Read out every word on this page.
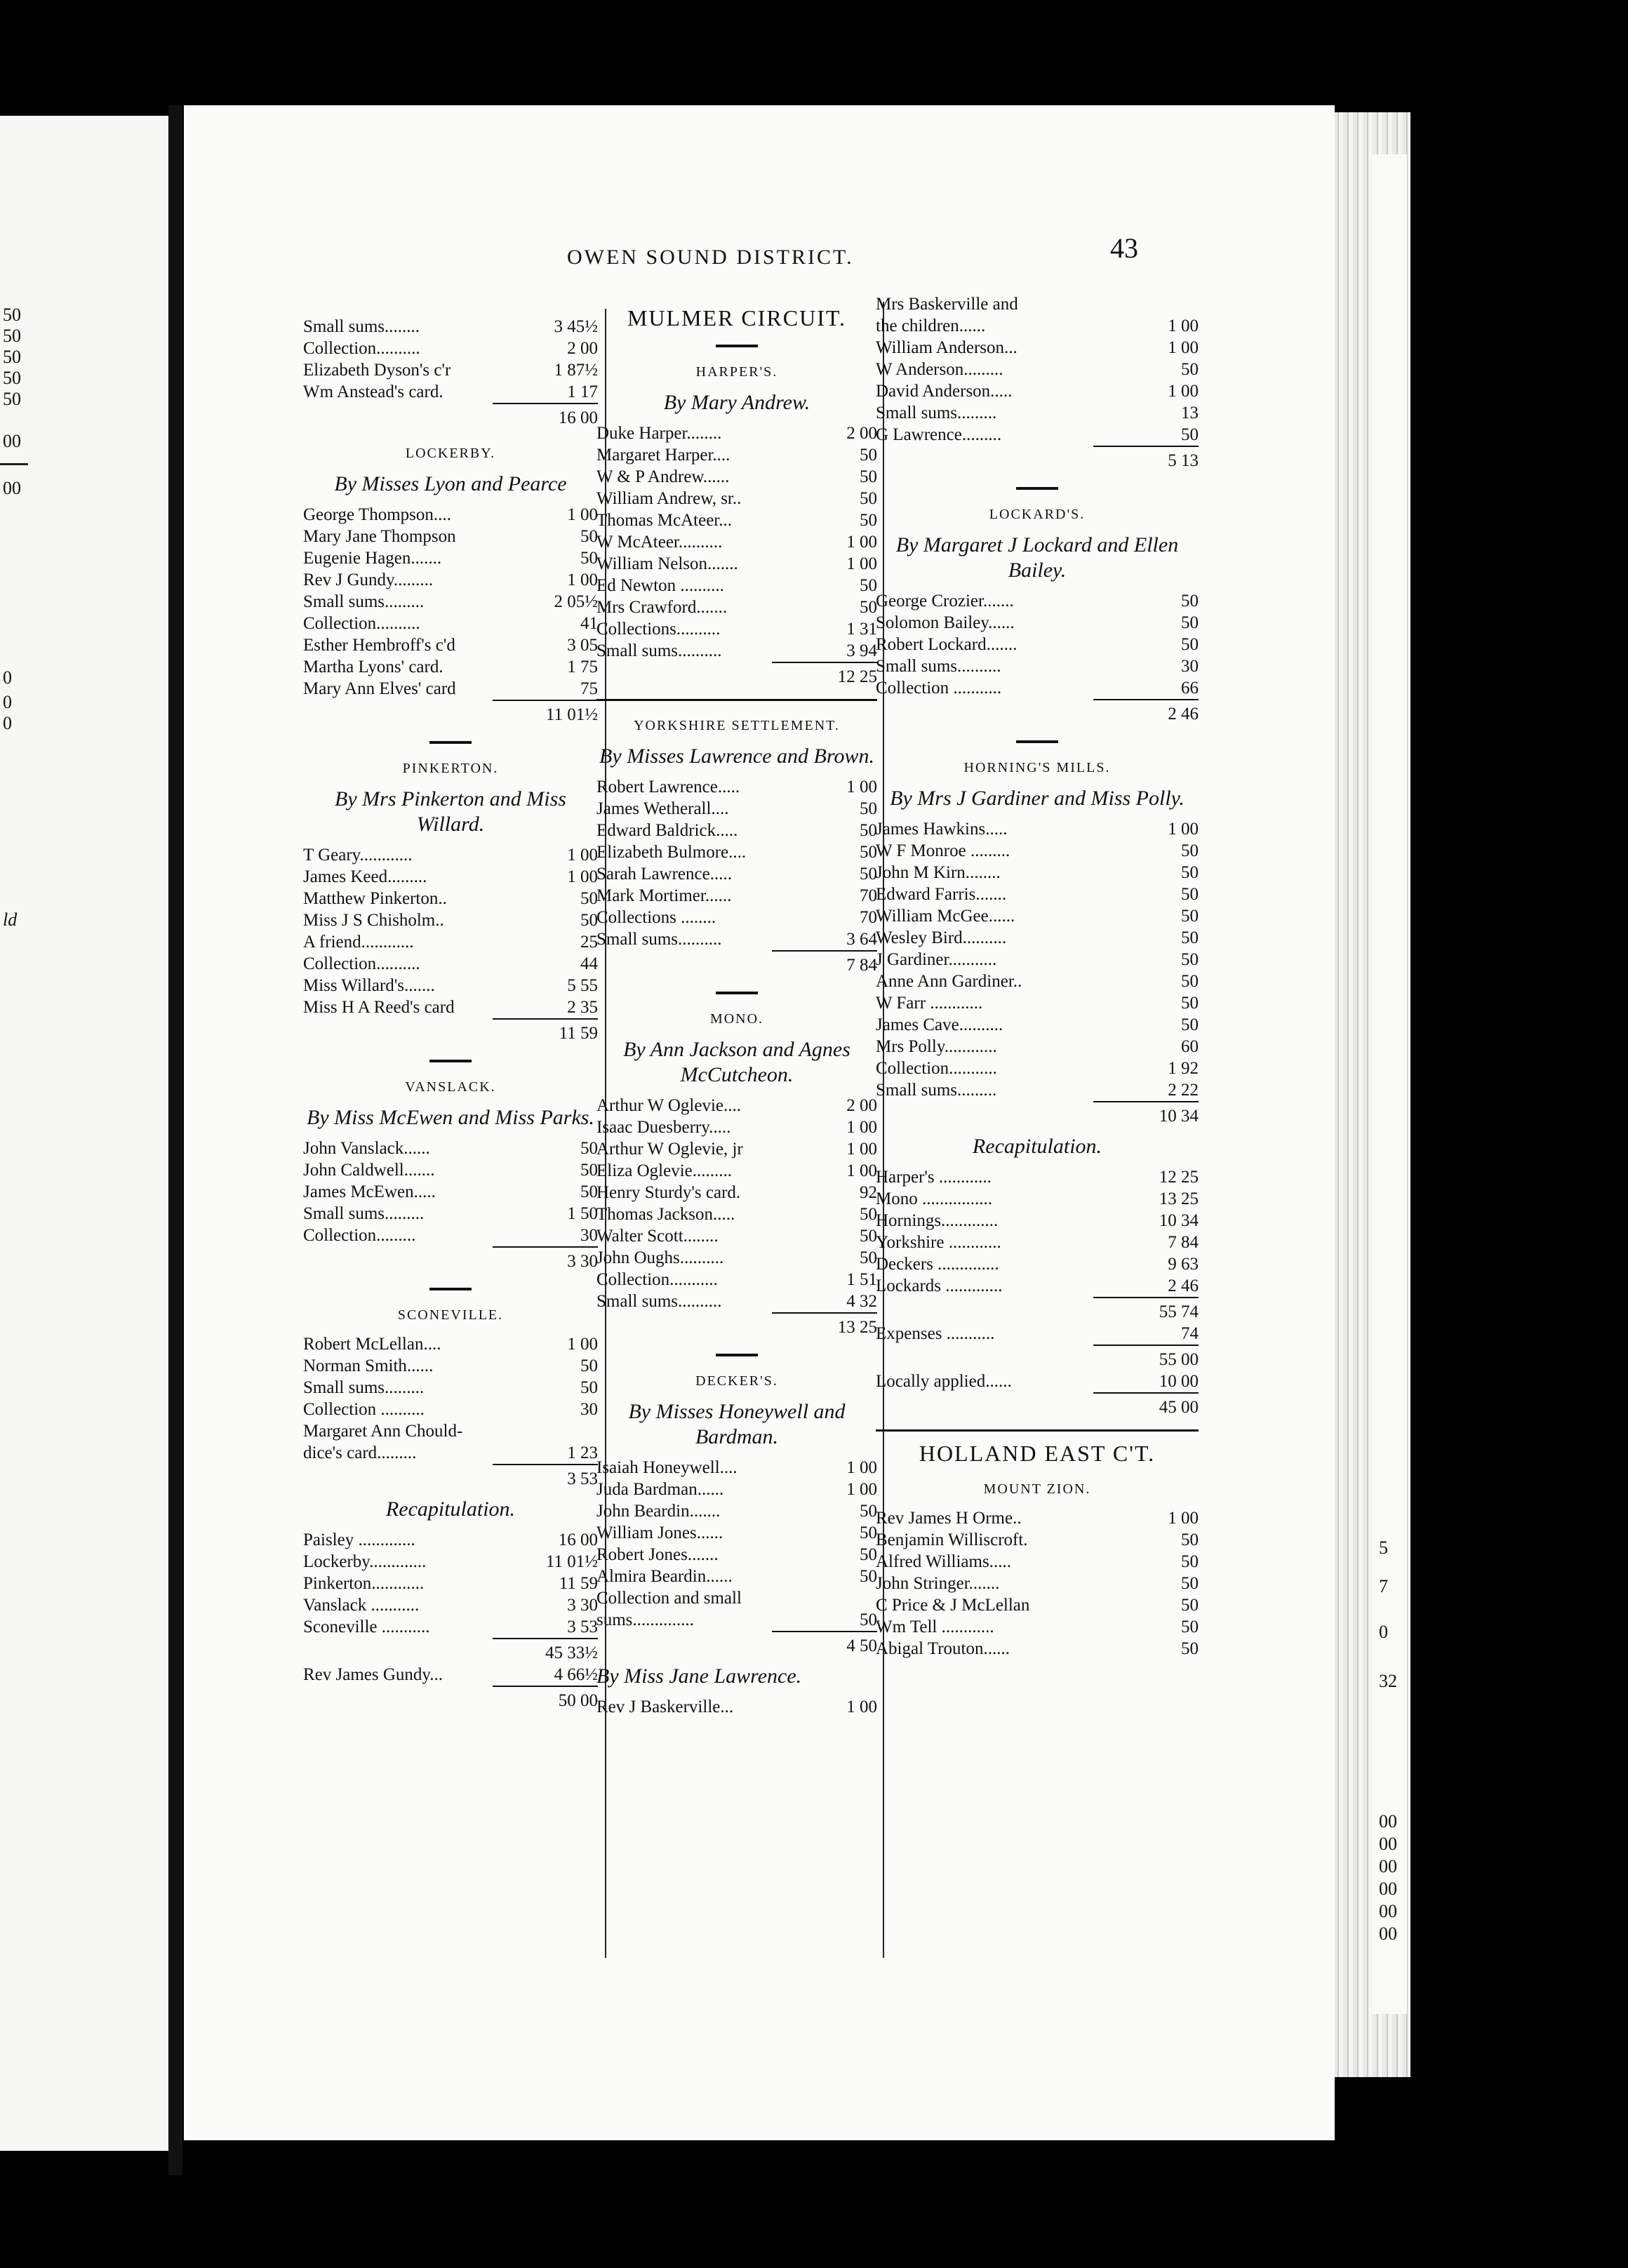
50
50
50
50
50
00
00
0
0
0
ld
5
7
0
32
00
00
00
00
00
00
OWEN SOUND DISTRICT.	43
Small sums........	3 45½
Collection..........	2 00
Elizabeth Dyson's c'r	1 87½
Wm Anstead's card.	1 17
16 00
LOCKERBY.
By Misses Lyon and Pearce
George Thompson....	1 00
Mary Jane Thompson	50
Eugenie Hagen.......	50
Rev J Gundy.........	1 00
Small sums.........	2 05½
Collection..........	41
Esther Hembroff's c'd	3 05
Martha Lyons' card.	1 75
Mary Ann Elves' card	75
11 01½
PINKERTON.
By Mrs Pinkerton and Miss Willard.
T Geary............	1 00
James Keed.........	1 00
Matthew Pinkerton..	50
Miss J S Chisholm..	50
A friend............	25
Collection..........	44
Miss Willard's.......	5 55
Miss H A Reed's card	2 35
11 59
VANSLACK.
By Miss McEwen and Miss Parks.
John Vanslack......	50
John Caldwell.......	50
James McEwen.....	50
Small sums.........	1 50
Collection.........	30
3 30
SCONEVILLE.
Robert McLellan....	1 00
Norman Smith......	50
Small sums.........	50
Collection ..........	30
Margaret Ann Chould-
dice's card.........	1 23
3 53
Recapitulation.
Paisley .............	16 00
Lockerby.............	11 01½
Pinkerton............	11 59
Vanslack ...........	3 30
Sconeville ...........	3 53
45 33½
Rev James Gundy...	4 66½
50 00
MULMER CIRCUIT.
HARPER'S.
By Mary Andrew.
Duke Harper........	2 00
Margaret Harper....	50
W & P Andrew......	50
William Andrew, sr..	50
Thomas McAteer...	50
W McAteer..........	1 00
William Nelson.......	1 00
Ed Newton ..........	50
Mrs Crawford.......	50
Collections..........	1 31
Small sums..........	3 94
12 25
YORKSHIRE SETTLEMENT.
By Misses Lawrence and Brown.
Robert Lawrence.....	1 00
James Wetherall....	50
Edward Baldrick.....	50
Elizabeth Bulmore....	50
Sarah Lawrence.....	50
Mark Mortimer......	70
Collections ........	70
Small sums..........	3 64
7 84
MONO.
By Ann Jackson and Agnes McCutcheon.
Arthur W Oglevie....	2 00
Isaac Duesberry.....	1 00
Arthur W Oglevie, jr	1 00
Eliza Oglevie.........	1 00
Henry Sturdy's card.	92
Thomas Jackson.....	50
Walter Scott........	50
John Oughs..........	50
Collection...........	1 51
Small sums..........	4 32
13 25
DECKER'S.
By Misses Honeywell and Bardman.
Isaiah Honeywell....	1 00
Juda Bardman......	1 00
John Beardin.......	50
William Jones......	50
Robert Jones.......	50
Almira Beardin......	50
Collection and small
sums..............	50
4 50
By Miss Jane Lawrence.
Rev J Baskerville...	1 00
Mrs Baskerville and
the children......	1 00
William Anderson...	1 00
W Anderson.........	50
David Anderson.....	1 00
Small sums.........	13
G Lawrence.........	50
5 13
LOCKARD'S.
By Margaret J Lockard and Ellen Bailey.
George Crozier.......	50
Solomon Bailey......	50
Robert Lockard.......	50
Small sums..........	30
Collection ...........	66
2 46
HORNING'S MILLS.
By Mrs J Gardiner and Miss Polly.
James Hawkins.....	1 00
W F Monroe .........	50
John M Kirn........	50
Edward Farris.......	50
William McGee......	50
Wesley Bird..........	50
J Gardiner...........	50
Anne Ann Gardiner..	50
W Farr ............	50
James Cave..........	50
Mrs Polly............	60
Collection...........	1 92
Small sums.........	2 22
10 34
Recapitulation.
Harper's ............	12 25
Mono ................	13 25
Hornings.............	10 34
Yorkshire ............	7 84
Deckers ..............	9 63
Lockards .............	2 46
55 74
Expenses ...........	74
55 00
Locally applied......	10 00
45 00
HOLLAND EAST C'T.
MOUNT ZION.
Rev James H Orme..	1 00
Benjamin Williscroft.	50
Alfred Williams.....	50
John Stringer.......	50
C Price & J McLellan	50
Wm Tell ............	50
Abigal Trouton......	50
